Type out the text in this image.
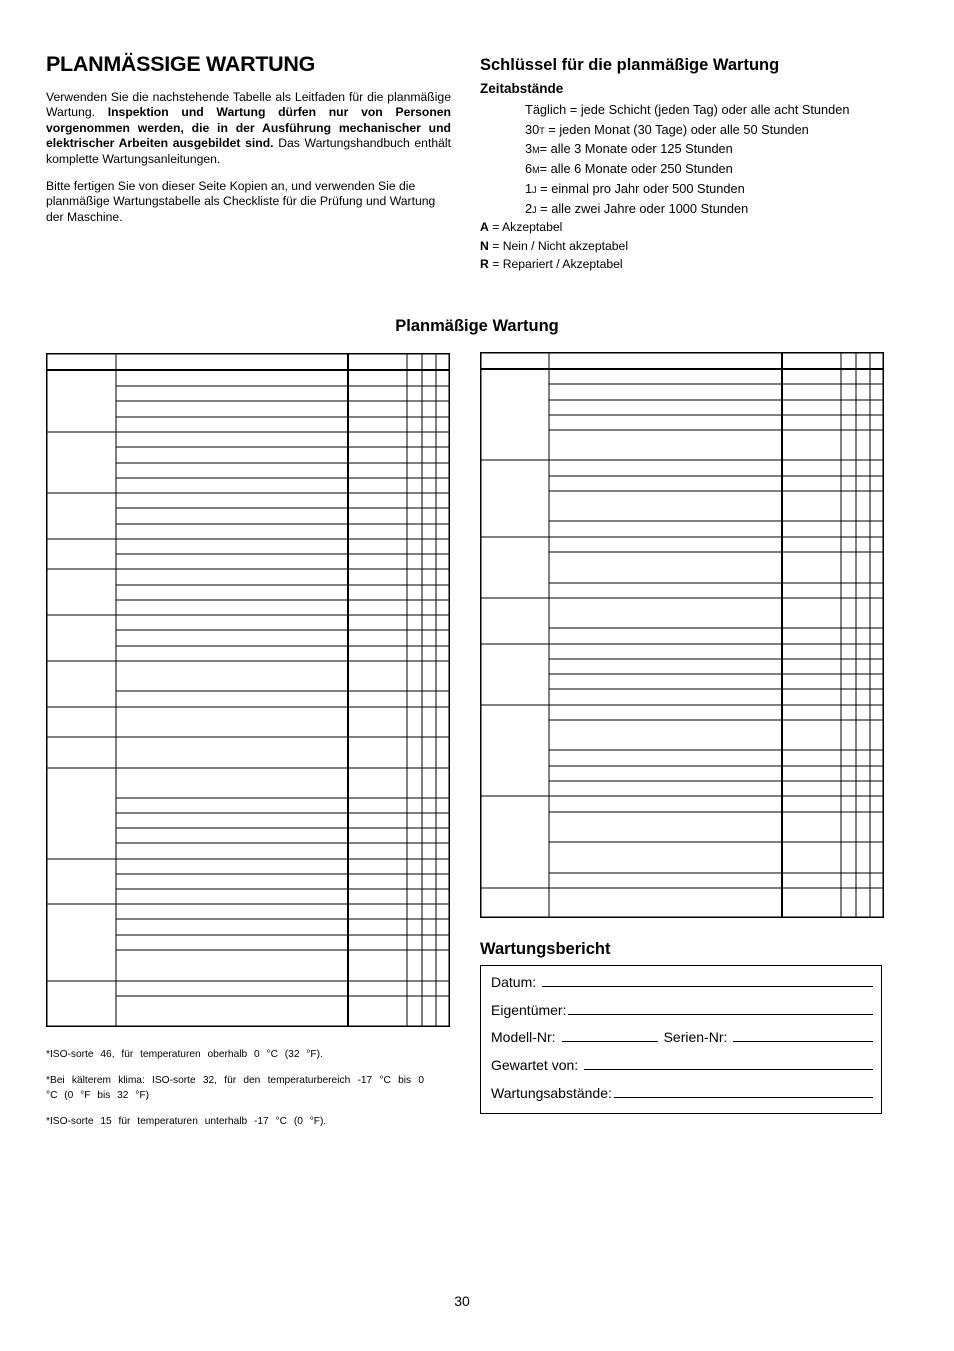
PLANMÄSSIGE WARTUNG

Verwenden Sie die nachstehende Tabelle als Leitfaden für die planmäßige Wartung. Inspektion und Wartung dürfen nur von Personen vorgenommen werden, die in der Ausführung mechanischer und elektrischer Arbeiten ausgebildet sind. Das Wartungshandbuch enthält komplette Wartungsanleitungen.

Bitte fertigen Sie von dieser Seite Kopien an, und verwenden Sie die planmäßige Wartungstabelle als Checkliste für die Prüfung und Wartung der Maschine.

Schlüssel für die planmäßige Wartung
Zeitabstände
Täglich = jede Schicht (jeden Tag) oder alle acht Stunden
30T = jeden Monat (30 Tage) oder alle 50 Stunden
3M= alle 3 Monate oder 125 Stunden
6M= alle 6 Monate oder 250 Stunden
1J = einmal pro Jahr oder 500 Stunden
2J = alle zwei Jahre oder 1000 Stunden
A = Akzeptabel
N = Nein / Nicht akzeptabel
R = Repariert / Akzeptabel
Planmäßige Wartung

*ISO-sorte 46, für temperaturen oberhalb 0 °C (32 °F).

*Bei kälterem klima: ISO-sorte 32, für den temperaturbereich -17 °C bis 0 °C (0 °F bis 32 °F)

*ISO-sorte 15 für temperaturen unterhalb -17 °C (0 °F).

Wartungsbericht
Datum:
Eigentümer:
Modell-Nr:	Serien-Nr:
Gewartet von:
Wartungsabstände:
30
